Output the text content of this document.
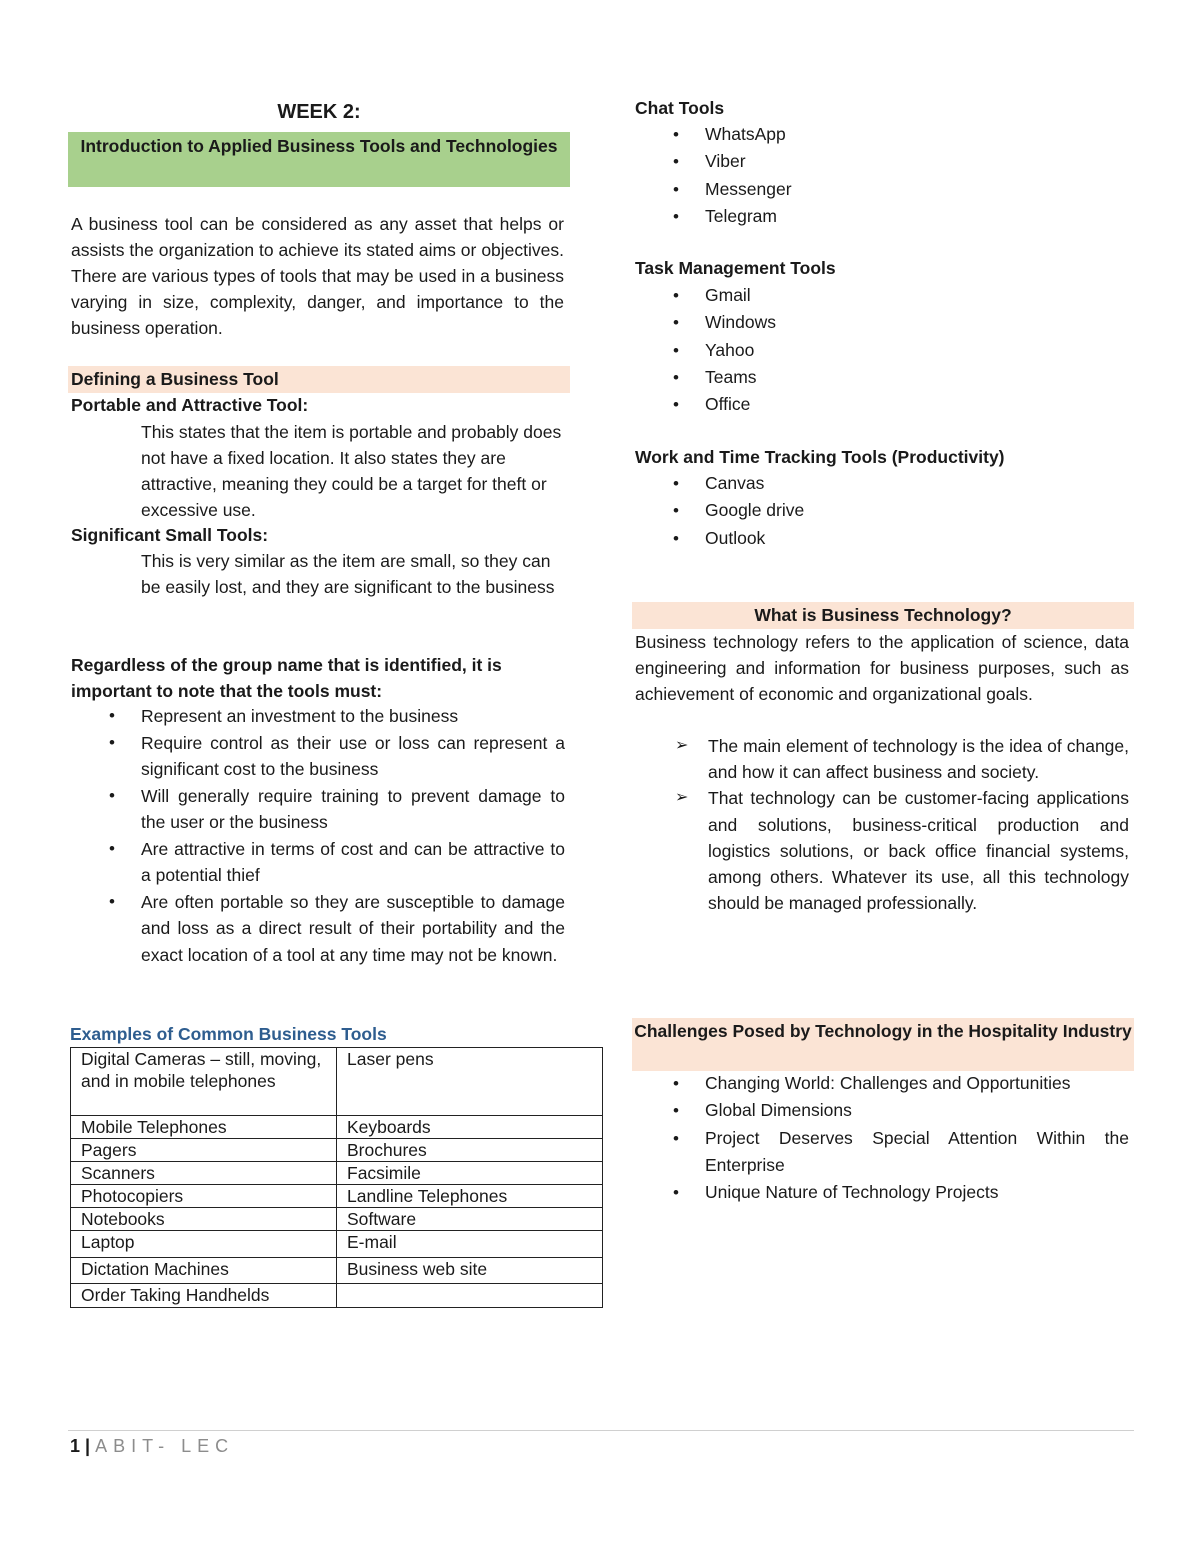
WEEK 2:
Introduction to Applied Business Tools and Technologies
A business tool can be considered as any asset that helps or assists the organization to achieve its stated aims or objectives. There are various types of tools that may be used in a business varying in size, complexity, danger, and importance to the business operation.
Defining a Business Tool
Portable and Attractive Tool:
This states that the item is portable and probably does not have a fixed location. It also states they are attractive, meaning they could be a target for theft or excessive use.
Significant Small Tools:
This is very similar as the item are small, so they can be easily lost, and they are significant to the business
Regardless of the group name that is identified, it is important to note that the tools must:
• Represent an investment to the business
• Require control as their use or loss can represent a significant cost to the business
• Will generally require training to prevent damage to the user or the business
• Are attractive in terms of cost and can be attractive to a potential thief
• Are often portable so they are susceptible to damage and loss as a direct result of their portability and the exact location of a tool at any time may not be known.
Examples of Common Business Tools
Digital Cameras – still, moving, and in mobile telephones	Laser pens
Mobile Telephones	Keyboards
Pagers	Brochures
Scanners	Facsimile
Photocopiers	Landline Telephones
Notebooks	Software
Laptop	E-mail
Dictation Machines	Business web site
Order Taking Handhelds	
Chat Tools
• WhatsApp
• Viber
• Messenger
• Telegram
Task Management Tools
• Gmail
• Windows
• Yahoo
• Teams
• Office
Work and Time Tracking Tools (Productivity)
• Canvas
• Google drive
• Outlook
What is Business Technology?
Business technology refers to the application of science, data engineering and information for business purposes, such as achievement of economic and organizational goals.
➢ The main element of technology is the idea of change, and how it can affect business and society.
➢ That technology can be customer-facing applications and solutions, business-critical production and logistics solutions, or back office financial systems, among others. Whatever its use, all this technology should be managed professionally.
Challenges Posed by Technology in the Hospitality Industry
• Changing World: Challenges and Opportunities
• Global Dimensions
• Project Deserves Special Attention Within the Enterprise
• Unique Nature of Technology Projects
1 | ABIT- LEC
